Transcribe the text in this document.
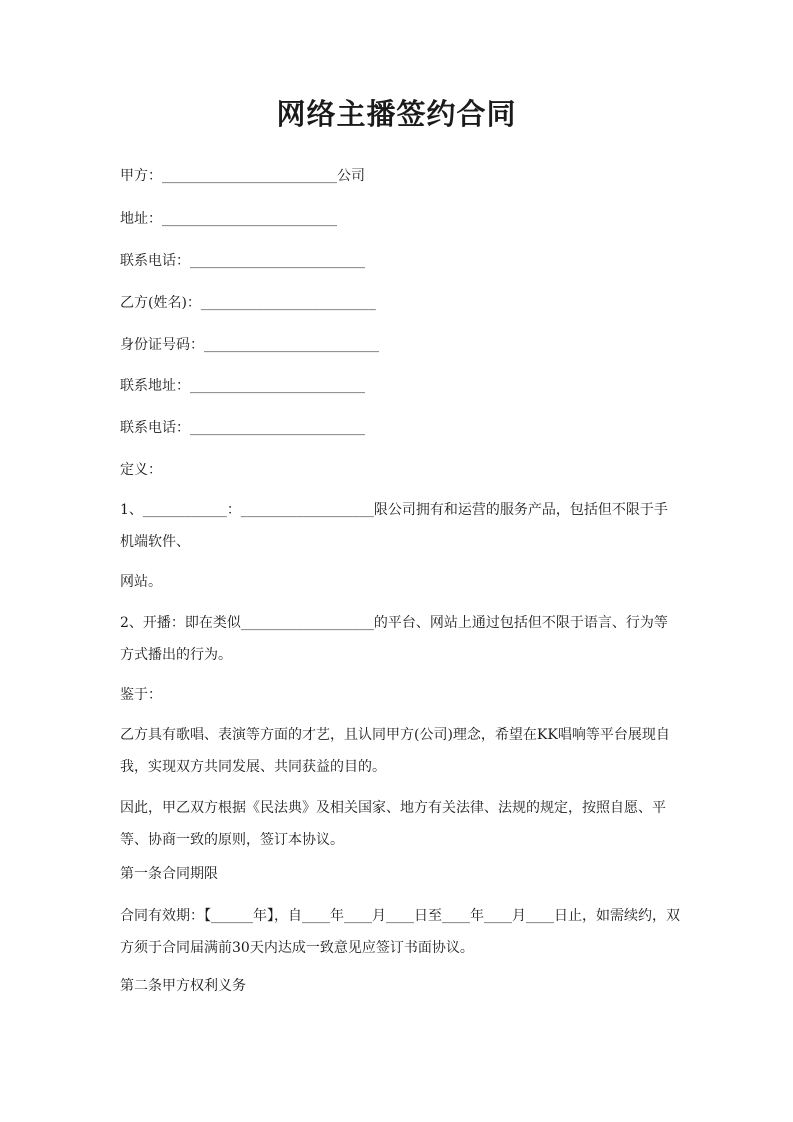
网络主播签约合同
甲方：_________________________公司
地址：_________________________
联系电话：_________________________
乙方(姓名)：_________________________
身份证号码：_________________________
联系地址：_________________________
联系电话：_________________________
定义：
1、____________：___________________限公司拥有和运营的服务产品，包括但不限于手机端软件、
网站。
2、开播：即在类似___________________的平台、网站上通过包括但不限于语言、行为等方式播出的行为。
鉴于：
乙方具有歌唱、表演等方面的才艺，且认同甲方(公司)理念，希望在KK唱响等平台展现自我，实现双方共同发展、共同获益的目的。
因此，甲乙双方根据《民法典》及相关国家、地方有关法律、法规的规定，按照自愿、平等、协商一致的原则，签订本协议。
第一条合同期限
合同有效期：【______年】，自____年____月____日至____年____月____日止，如需续约，双方须于合同届满前30天内达成一致意见应签订书面协议。
第二条甲方权利义务
